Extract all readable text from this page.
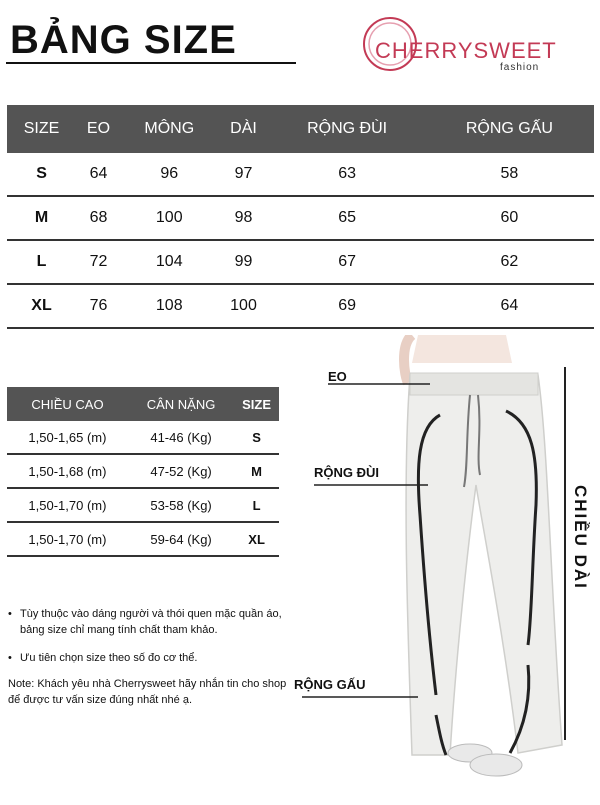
BẢNG SIZE	CHERRYSWEET
fashion
SIZE	EO	MÔNG	DÀI	RỘNG ĐÙI	RỘNG GẤU
S	64	96	97	63	58
M	68	100	98	65	60
L	72	104	99	67	62
XL	76	108	100	69	64
CHIỀU CAO	CÂN NẶNG	SIZE
1,50-1,65 (m)	41-46 (Kg)	S
1,50-1,68 (m)	47-52 (Kg)	M
1,50-1,70 (m)	53-58 (Kg)	L
1,50-1,70 (m)	59-64 (Kg)	XL
• Tùy thuộc vào dáng người và thói quen mặc quần áo, bảng size chỉ mang tính chất tham khảo.
• Ưu tiên chọn size theo số đo cơ thể.
Note: Khách yêu nhà Cherrysweet hãy nhắn tin cho shop để được tư vấn size đúng nhất nhé ạ.
EO
RỘNG ĐÙI
RỘNG GẤU
CHIỀU DÀI
